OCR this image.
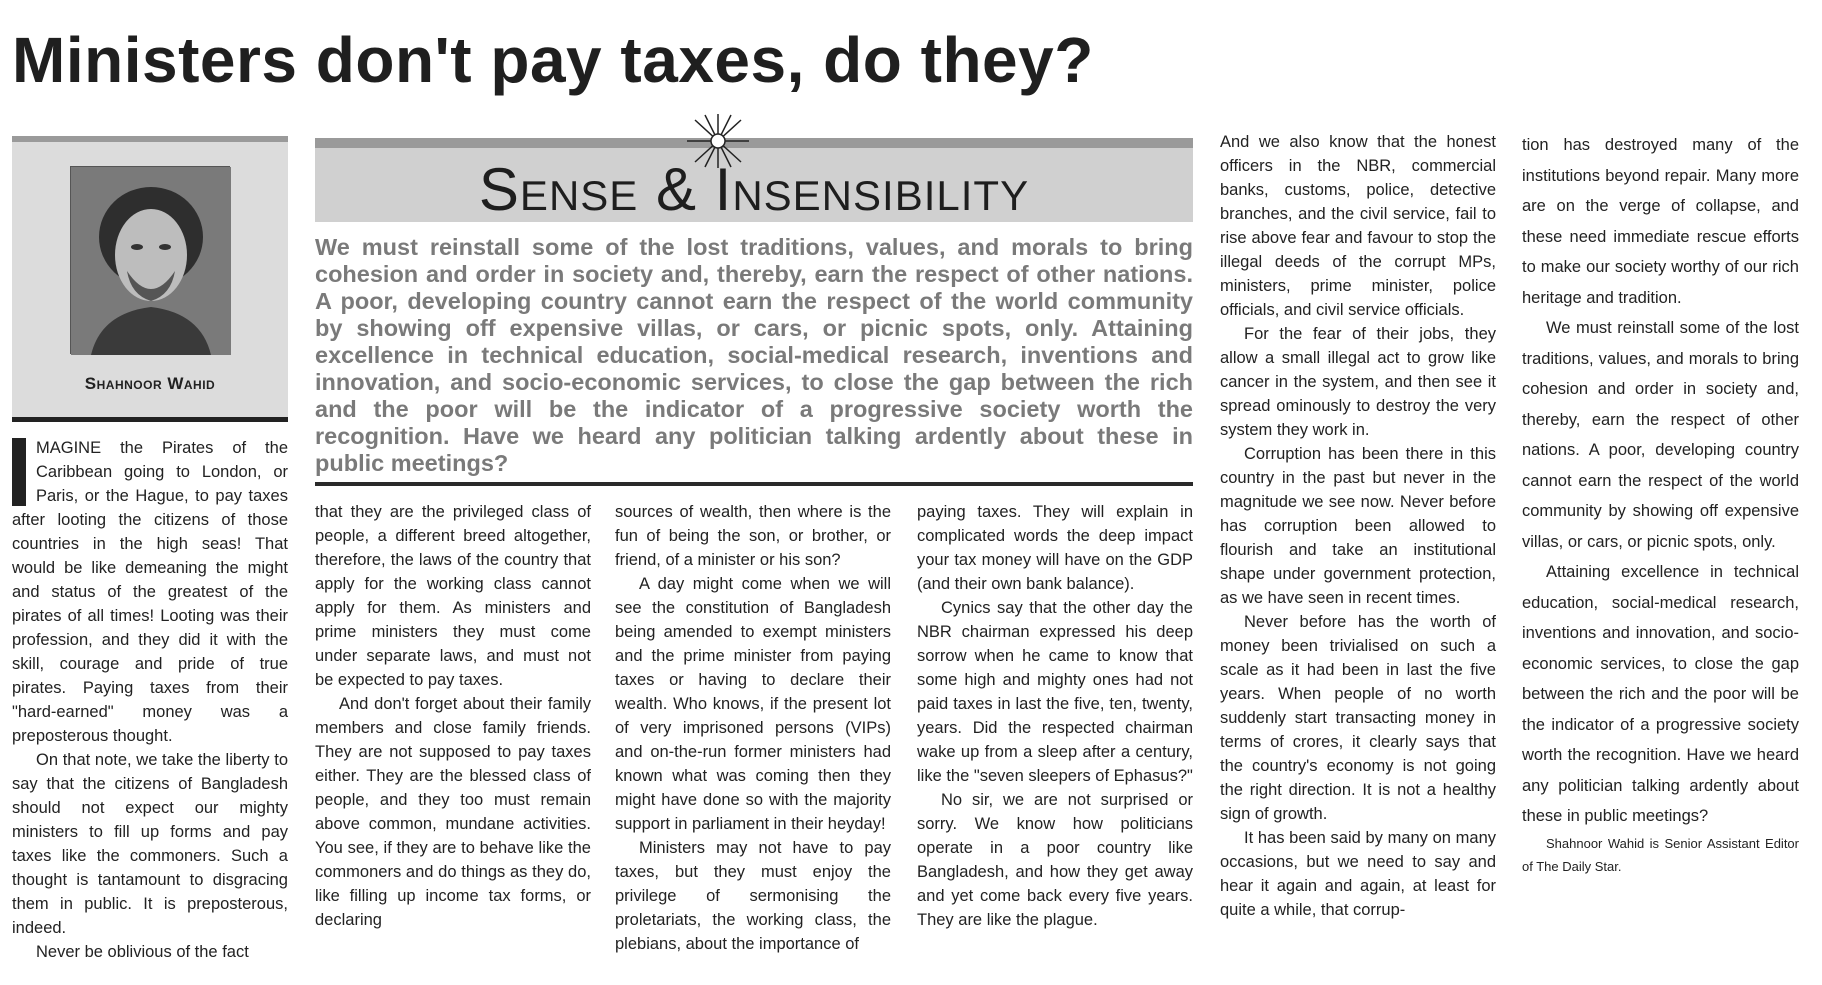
Ministers don't pay taxes, do they?
Shahnoor Wahid
Sense & Insensibility

We must reinstall some of the lost traditions, values, and morals to bring cohesion and order in society and, thereby, earn the respect of other nations. A poor, developing country cannot earn the respect of the world community by showing off expensive villas, or cars, or picnic spots, only. Attaining excellence in technical education, social-medical research, inventions and innovation, and socio-economic services, to close the gap between the rich and the poor will be the indicator of a progressive society worth the recognition. Have we heard any politician talking ardently about these in public meetings?

I MAGINE the Pirates of the Caribbean going to London, or Paris, or the Hague, to pay taxes after looting the citizens of those countries in the high seas! That would be like demeaning the might and status of the greatest of the pirates of all times! Looting was their profession, and they did it with the skill, courage and pride of true pirates. Paying taxes from their "hard-earned" money was a preposterous thought.

On that note, we take the liberty to say that the citizens of Bangladesh should not expect our mighty ministers to fill up forms and pay taxes like the commoners. Such a thought is tantamount to disgracing them in public. It is preposterous, indeed.

Never be oblivious of the fact

that they are the privileged class of people, a different breed altogether, therefore, the laws of the country that apply for the working class cannot apply for them. As ministers and prime ministers they must come under separate laws, and must not be expected to pay taxes.

And don't forget about their family members and close family friends. They are not supposed to pay taxes either. They are the blessed class of people, and they too must remain above common, mundane activities. You see, if they are to behave like the commoners and do things as they do, like filling up income tax forms, or declaring

sources of wealth, then where is the fun of being the son, or brother, or friend, of a minister or his son?

A day might come when we will see the constitution of Bangladesh being amended to exempt ministers and the prime minister from paying taxes or having to declare their wealth. Who knows, if the present lot of very imprisoned persons (VIPs) and on-the-run former ministers had known what was coming then they might have done so with the majority support in parliament in their heyday!

Ministers may not have to pay taxes, but they must enjoy the privilege of sermonising the proletariats, the working class, the plebians, about the importance of

paying taxes. They will explain in complicated words the deep impact your tax money will have on the GDP (and their own bank balance).

Cynics say that the other day the NBR chairman expressed his deep sorrow when he came to know that some high and mighty ones had not paid taxes in last the five, ten, twenty, years. Did the respected chairman wake up from a sleep after a century, like the "seven sleepers of Ephasus?"

No sir, we are not surprised or sorry. We know how politicians operate in a poor country like Bangladesh, and how they get away and yet come back every five years. They are like the plague.

And we also know that the honest officers in the NBR, commercial banks, customs, police, detective branches, and the civil service, fail to rise above fear and favour to stop the illegal deeds of the corrupt MPs, ministers, prime minister, police officials, and civil service officials.

For the fear of their jobs, they allow a small illegal act to grow like cancer in the system, and then see it spread ominously to destroy the very system they work in.

Corruption has been there in this country in the past but never in the magnitude we see now. Never before has corruption been allowed to flourish and take an institutional shape under government protection, as we have seen in recent times.

Never before has the worth of money been trivialised on such a scale as it had been in last the five years. When people of no worth suddenly start transacting money in terms of crores, it clearly says that the country's economy is not going the right direction. It is not a healthy sign of growth.

It has been said by many on many occasions, but we need to say and hear it again and again, at least for quite a while, that corrup-

tion has destroyed many of the institutions beyond repair. Many more are on the verge of collapse, and these need immediate rescue efforts to make our society worthy of our rich heritage and tradition.

We must reinstall some of the lost traditions, values, and morals to bring cohesion and order in society and, thereby, earn the respect of other nations. A poor, developing country cannot earn the respect of the world community by showing off expensive villas, or cars, or picnic spots, only.

Attaining excellence in technical education, social-medical research, inventions and innovation, and socio-economic services, to close the gap between the rich and the poor will be the indicator of a progressive society worth the recognition. Have we heard any politician talking ardently about these in public meetings?

Shahnoor Wahid is Senior Assistant Editor of The Daily Star.
